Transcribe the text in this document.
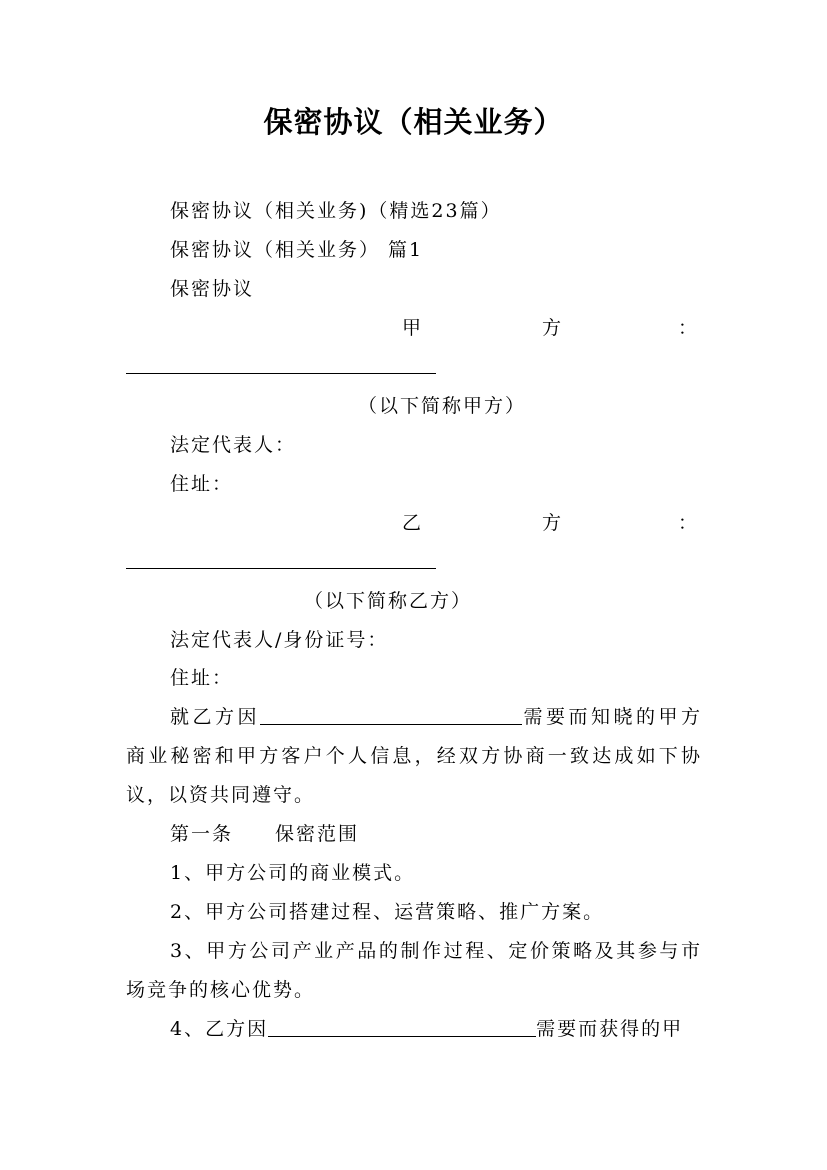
保密协议（相关业务）
保密协议（相关业务)（精选23篇）
保密协议（相关业务） 篇1
保密协议
甲	方	：
（以下简称甲方）
法定代表人：
住址：
乙	方	：
（以下简称乙方）
法定代表人/身份证号：
住址：
就乙方因	需要而知晓的甲方商业秘密和甲方客户个人信息，经双方协商一致达成如下协议，以资共同遵守。
第一条　　保密范围
1、甲方公司的商业模式。
2、甲方公司搭建过程、运营策略、推广方案。
3、甲方公司产业产品的制作过程、定价策略及其参与市场竞争的核心优势。
4、乙方因	需要而获得的甲
